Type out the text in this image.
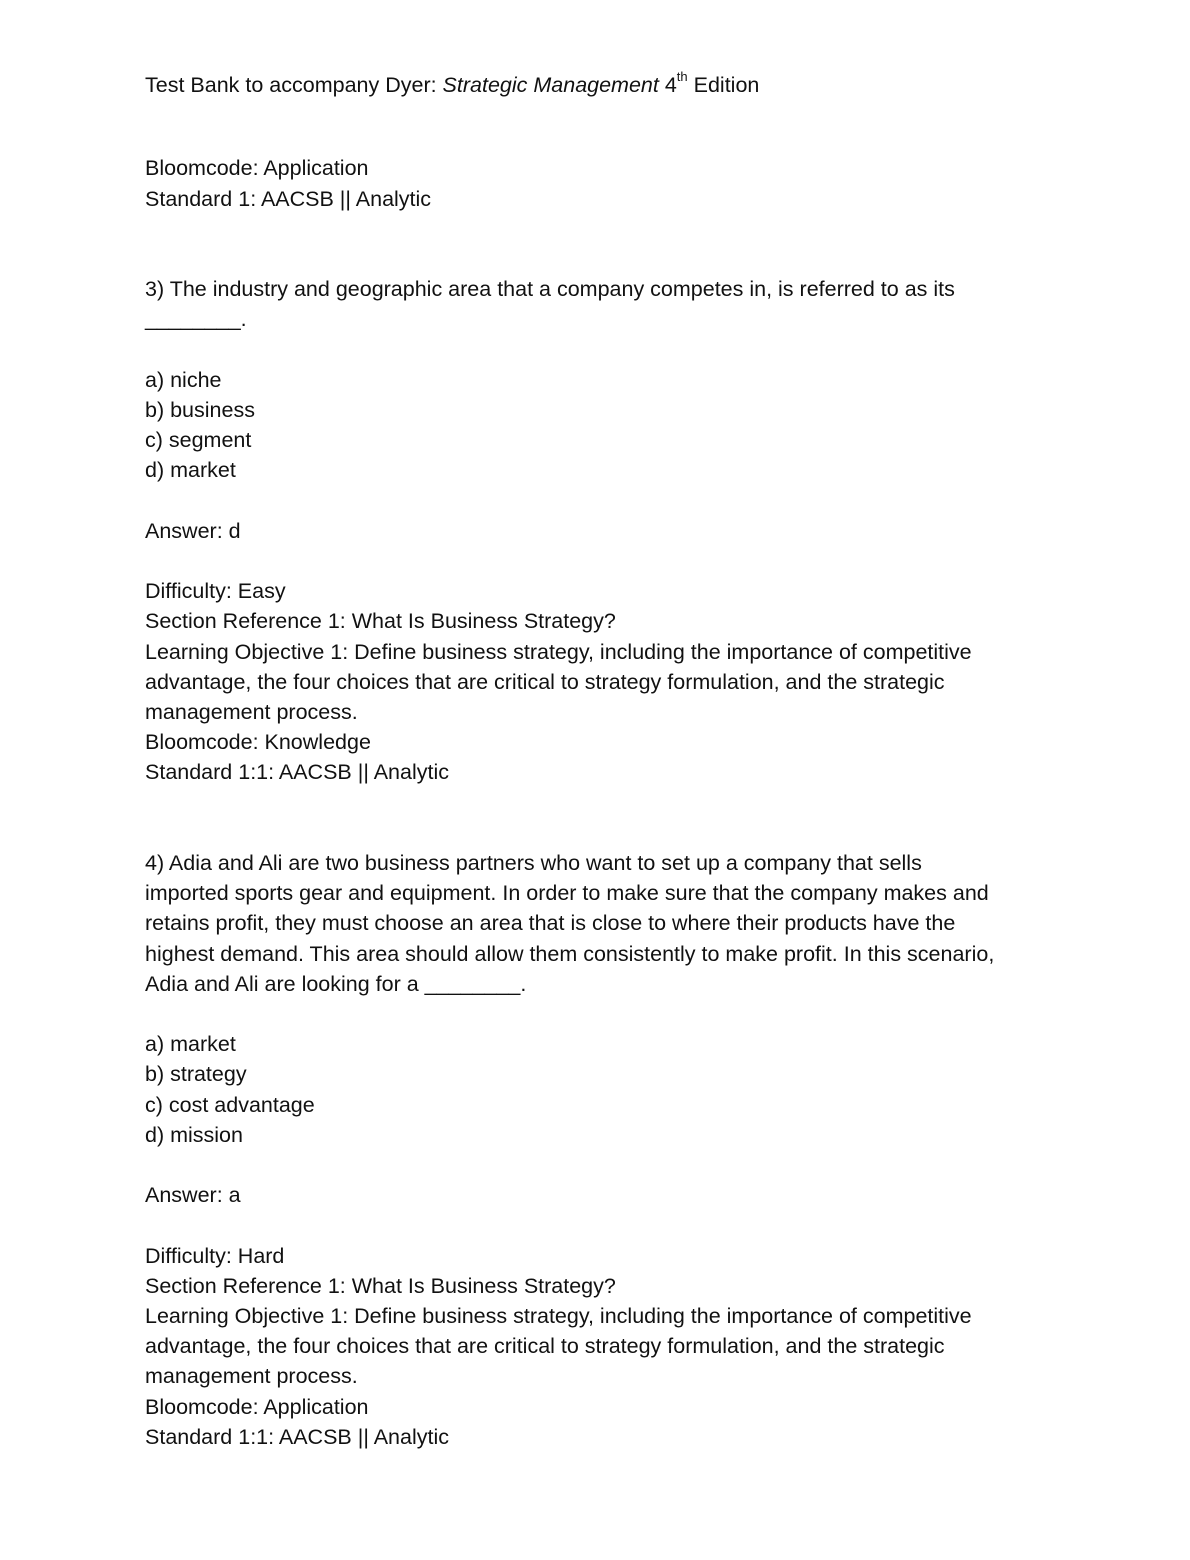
Test Bank to accompany Dyer: Strategic Management 4th Edition
Bloomcode: Application
Standard 1: AACSB || Analytic
3) The industry and geographic area that a company competes in, is referred to as its
________.
a) niche
b) business
c) segment
d) market
Answer: d
Difficulty: Easy
Section Reference 1: What Is Business Strategy?
Learning Objective 1: Define business strategy, including the importance of competitive
advantage, the four choices that are critical to strategy formulation, and the strategic
management process.
Bloomcode: Knowledge
Standard 1:1: AACSB || Analytic
4) Adia and Ali are two business partners who want to set up a company that sells
imported sports gear and equipment. In order to make sure that the company makes and
retains profit, they must choose an area that is close to where their products have the
highest demand. This area should allow them consistently to make profit. In this scenario,
Adia and Ali are looking for a ________.
a) market
b) strategy
c) cost advantage
d) mission
Answer: a
Difficulty: Hard
Section Reference 1: What Is Business Strategy?
Learning Objective 1: Define business strategy, including the importance of competitive
advantage, the four choices that are critical to strategy formulation, and the strategic
management process.
Bloomcode: Application
Standard 1:1: AACSB || Analytic
